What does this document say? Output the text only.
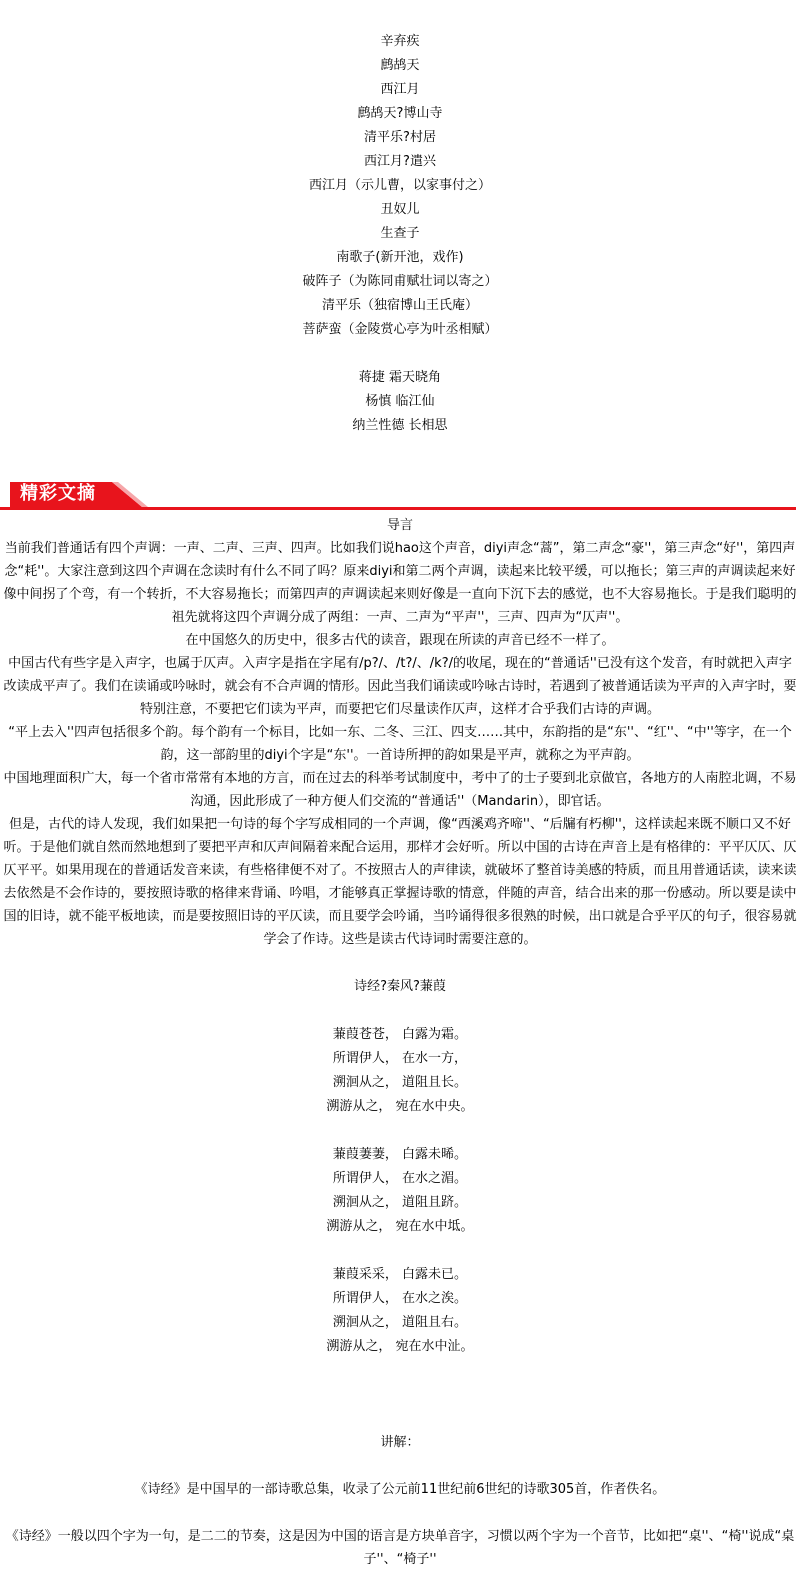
辛弃疾
鹧鸪天
西江月
鹧鸪天?博山寺
清平乐?村居
西江月?遣兴
西江月（示儿曹，以家事付之）
丑奴儿
生查子
南歌子(新开池，戏作)
破阵子（为陈同甫赋壮词以寄之）
清平乐（独宿博山王氏庵）
菩萨蛮（金陵赏心亭为叶丞相赋）
蒋捷 霜天晓角
杨慎 临江仙
纳兰性德 长相思
精彩文摘
导言
当前我们普通话有四个声调：一声、二声、三声、四声。比如我们说hao这个声音，diyi声念“蒿”，第二声念“豪''，第三声念“好''，第四声念“耗''。大家注意到这四个声调在念读时有什么不同了吗？原来diyi和第二两个声调，读起来比较平缓，可以拖长；第三声的声调读起来好像中间拐了个弯，有一个转折，不大容易拖长；而第四声的声调读起来则好像是一直向下沉下去的感觉，也不大容易拖长。于是我们聪明的祖先就将这四个声调分成了两组：一声、二声为“平声''，三声、四声为“仄声''。
在中国悠久的历史中，很多古代的读音，跟现在所读的声音已经不一样了。
中国古代有些字是入声字，也属于仄声。入声字是指在字尾有/p?/、/t?/、/k?/的收尾，现在的“普通话''已没有这个发音，有时就把入声字改读成平声了。我们在读诵或吟咏时，就会有不合声调的情形。因此当我们诵读或吟咏古诗时，若遇到了被普通话读为平声的入声字时，要特别注意，不要把它们读为平声，而要把它们尽量读作仄声，这样才合乎我们古诗的声调。
“平上去入''四声包括很多个韵。每个韵有一个标目，比如一东、二冬、三江、四支……其中，东韵指的是“东''、“红''、“中''等字，在一个韵，这一部韵里的diyi个字是“东''。一首诗所押的韵如果是平声，就称之为平声韵。
中国地理面积广大，每一个省市常常有本地的方言，而在过去的科举考试制度中，考中了的士子要到北京做官，各地方的人南腔北调，不易沟通，因此形成了一种方便人们交流的“普通话''（Mandarin），即官话。
但是，古代的诗人发现，我们如果把一句诗的每个字写成相同的一个声调，像“西溪鸡齐啼''、“后牖有朽柳''，这样读起来既不顺口又不好听。于是他们就自然而然地想到了要把平声和仄声间隔着来配合运用，那样才会好听。所以中国的古诗在声音上是有格律的：平平仄仄、仄仄平平。如果用现在的普通话发音来读，有些格律便不对了。不按照古人的声律读，就破坏了整首诗美感的特质，而且用普通话读，读来读去依然是不会作诗的，要按照诗歌的格律来背诵、吟唱，才能够真正掌握诗歌的情意，伴随的声音，结合出来的那一份感动。所以要是读中国的旧诗，就不能平板地读，而是要按照旧诗的平仄读，而且要学会吟诵，当吟诵得很多很熟的时候，出口就是合乎平仄的句子，很容易就学会了作诗。这些是读古代诗词时需要注意的。
诗经?秦风?蒹葭
蒹葭苍苍， 白露为霜。
所谓伊人， 在水一方，
溯洄从之， 道阻且长。
溯游从之， 宛在水中央。
蒹葭萋萋， 白露未晞。
所谓伊人， 在水之湄。
溯洄从之， 道阻且跻。
溯游从之， 宛在水中坻。
蒹葭采采， 白露未已。
所谓伊人， 在水之涘。
溯洄从之， 道阻且右。
溯游从之， 宛在水中沚。
讲解：
《诗经》是中国早的一部诗歌总集，收录了公元前11世纪前6世纪的诗歌305首，作者佚名。
《诗经》一般以四个字为一句，是二二的节奏，这是因为中国的语言是方块单音字，习惯以两个字为一个音节，比如把“桌''、“椅''说成“桌子''、“椅子''
